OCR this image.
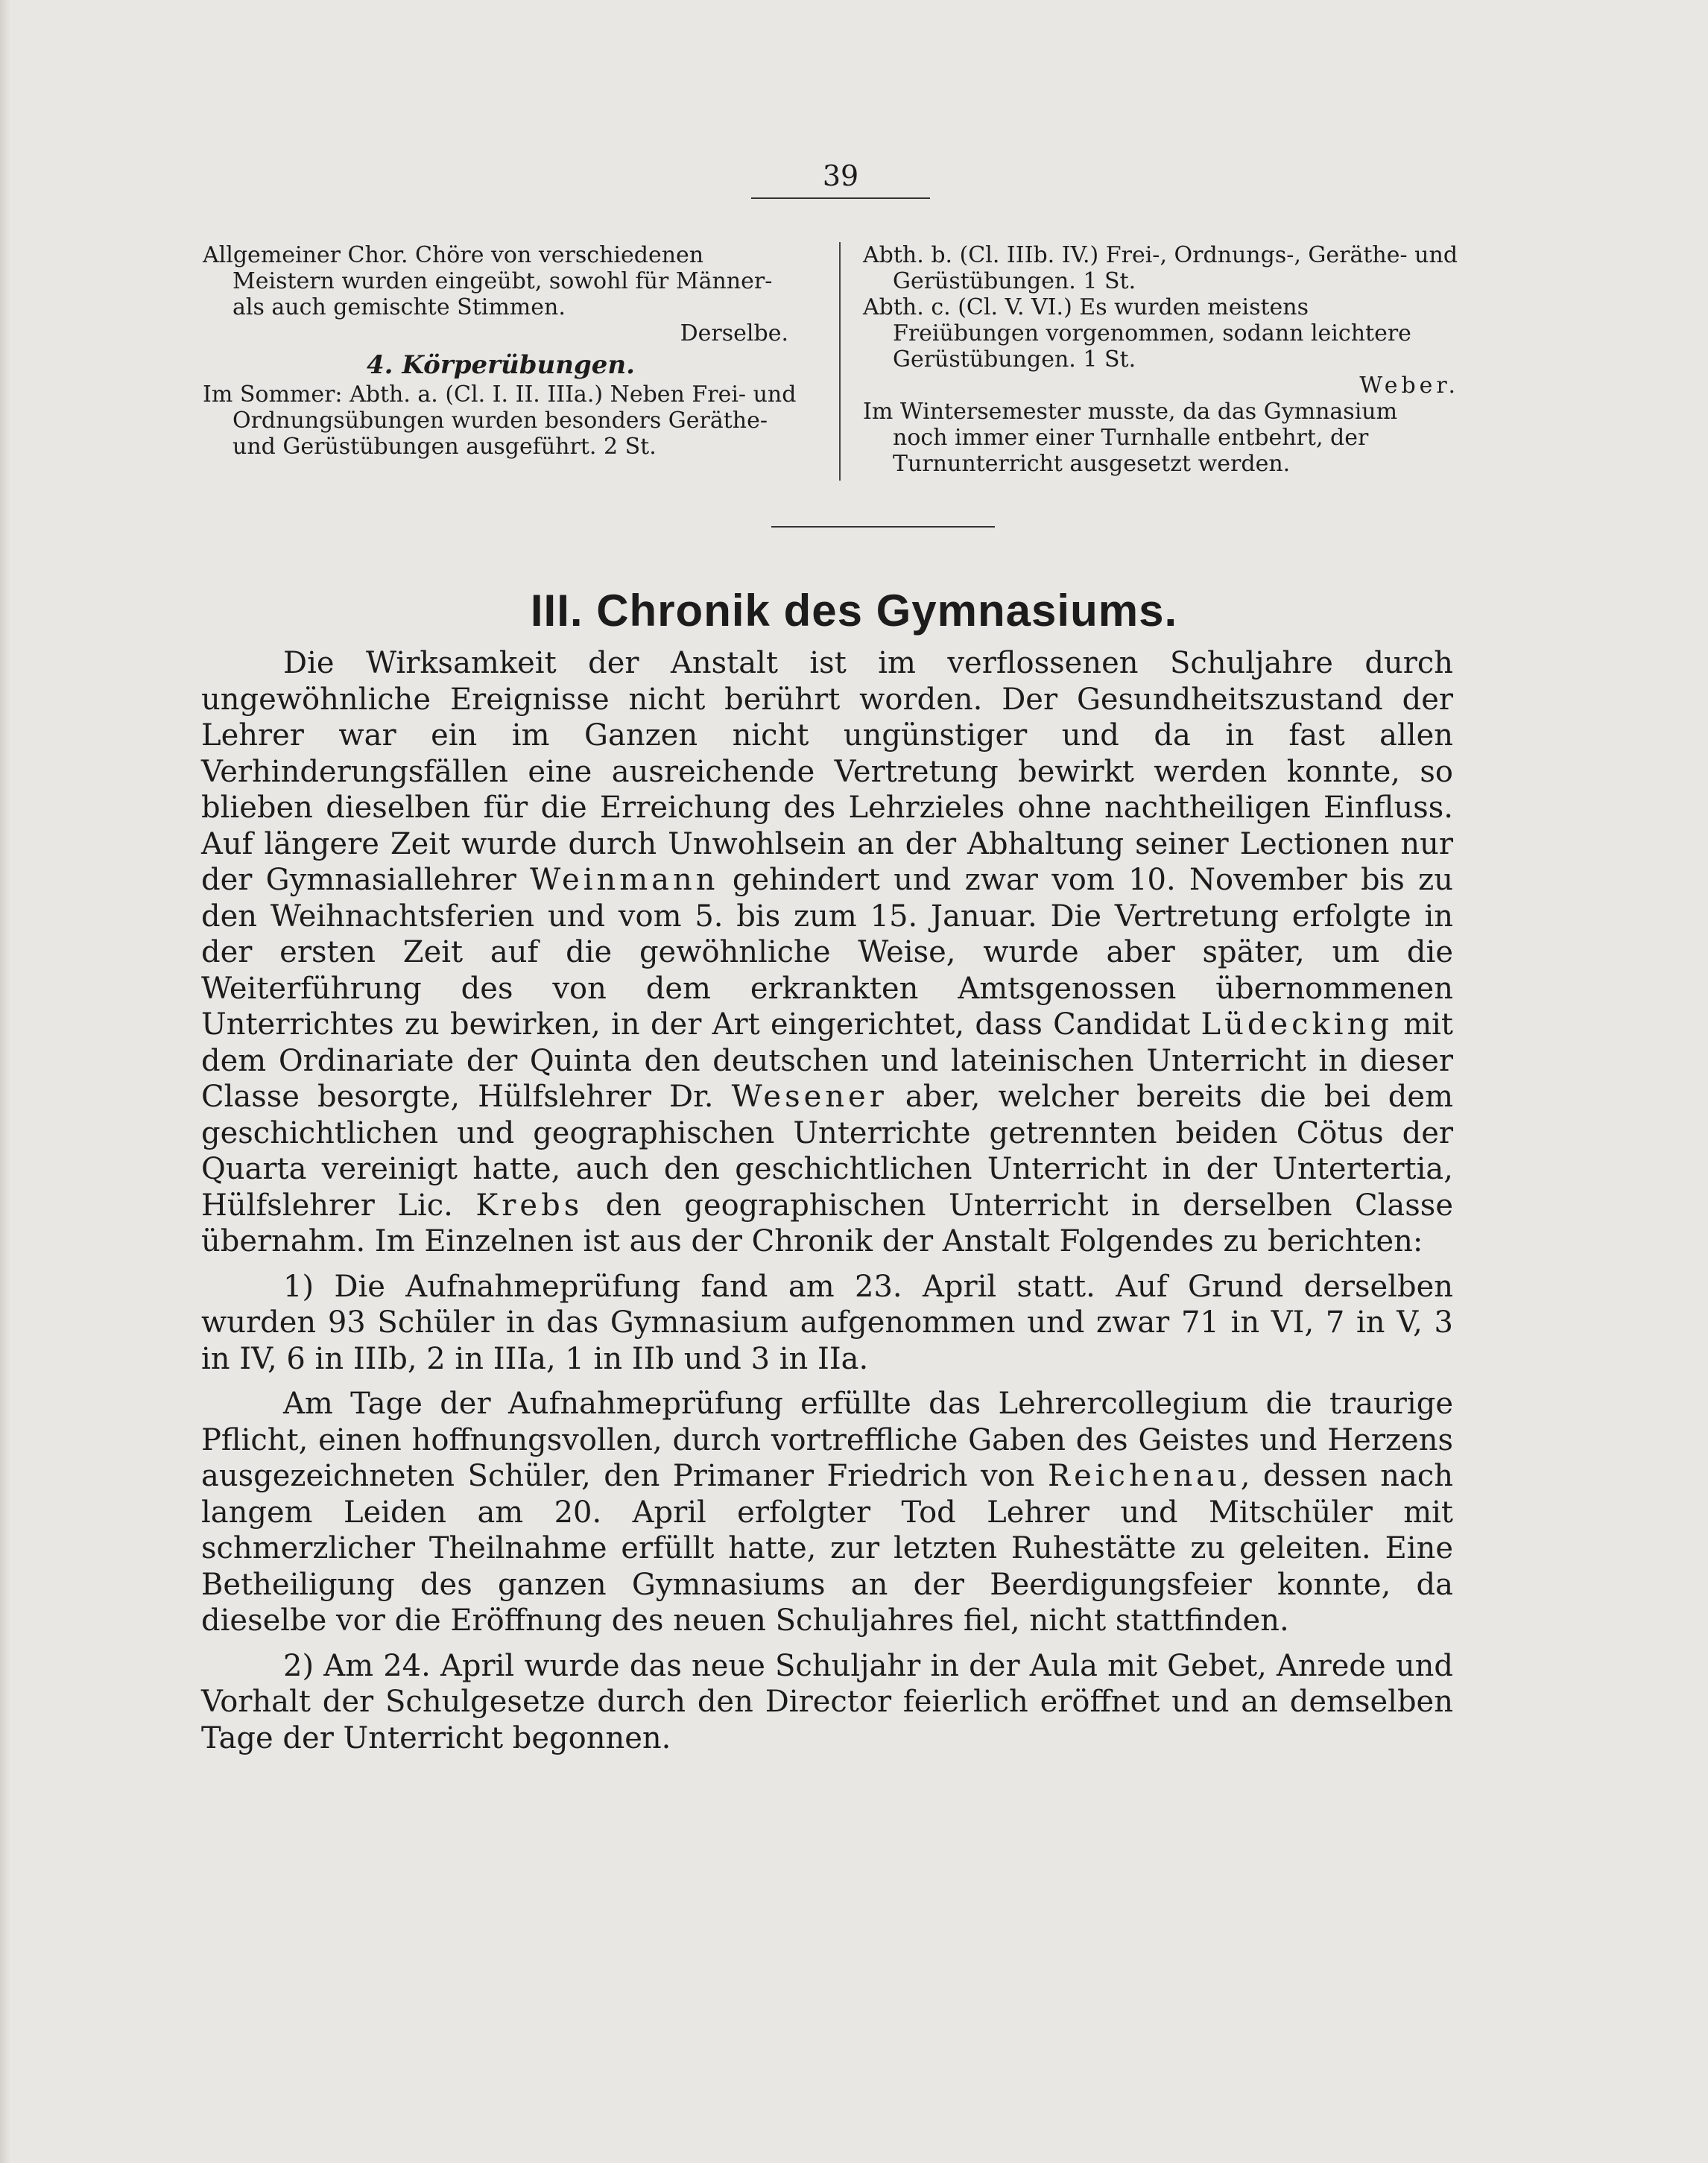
39

Allgemeiner Chor. Chöre von verschiedenen Meistern wurden eingeübt, sowohl für Männer- als auch gemischte Stimmen.

Derselbe.

4. Körperübungen.

Im Sommer: Abth. a. (Cl. I. II. IIIa.) Neben Frei- und Ordnungsübungen wurden besonders Geräthe- und Gerüstübungen ausgeführt. 2 St.

Abth. b. (Cl. IIIb. IV.) Frei-, Ordnungs-, Geräthe- und Gerüstübungen. 1 St.

Abth. c. (Cl. V. VI.) Es wurden meistens Freiübungen vorgenommen, sodann leichtere Gerüstübungen. 1 St.

Weber.

Im Wintersemester musste, da das Gymnasium noch immer einer Turnhalle entbehrt, der Turnunterricht ausgesetzt werden.

III. Chronik des Gymnasiums.

Die Wirksamkeit der Anstalt ist im verflossenen Schuljahre durch ungewöhnliche Ereignisse nicht berührt worden. Der Gesundheitszustand der Lehrer war ein im Ganzen nicht ungünstiger und da in fast allen Verhinderungsfällen eine ausreichende Vertretung bewirkt werden konnte, so blieben dieselben für die Erreichung des Lehrzieles ohne nachtheiligen Einfluss. Auf längere Zeit wurde durch Unwohlsein an der Abhaltung seiner Lectionen nur der Gymnasiallehrer Weinmann gehindert und zwar vom 10. November bis zu den Weihnachtsferien und vom 5. bis zum 15. Januar. Die Vertretung erfolgte in der ersten Zeit auf die gewöhnliche Weise, wurde aber später, um die Weiterführung des von dem erkrankten Amtsgenossen übernommenen Unterrichtes zu bewirken, in der Art eingerichtet, dass Candidat Lüdecking mit dem Ordinariate der Quinta den deutschen und lateinischen Unterricht in dieser Classe besorgte, Hülfslehrer Dr. Wesener aber, welcher bereits die bei dem geschichtlichen und geographischen Unterrichte getrennten beiden Cötus der Quarta vereinigt hatte, auch den geschichtlichen Unterricht in der Untertertia, Hülfslehrer Lic. Krebs den geographischen Unterricht in derselben Classe übernahm. Im Einzelnen ist aus der Chronik der Anstalt Folgendes zu berichten:

1) Die Aufnahmeprüfung fand am 23. April statt. Auf Grund derselben wurden 93 Schüler in das Gymnasium aufgenommen und zwar 71 in VI, 7 in V, 3 in IV, 6 in IIIb, 2 in IIIa, 1 in IIb und 3 in IIa.

Am Tage der Aufnahmeprüfung erfüllte das Lehrercollegium die traurige Pflicht, einen hoffnungsvollen, durch vortreffliche Gaben des Geistes und Herzens ausgezeichneten Schüler, den Primaner Friedrich von Reichenau, dessen nach langem Leiden am 20. April erfolgter Tod Lehrer und Mitschüler mit schmerzlicher Theilnahme erfüllt hatte, zur letzten Ruhestätte zu geleiten. Eine Betheiligung des ganzen Gymnasiums an der Beerdigungsfeier konnte, da dieselbe vor die Eröffnung des neuen Schuljahres fiel, nicht stattfinden.

2) Am 24. April wurde das neue Schuljahr in der Aula mit Gebet, Anrede und Vorhalt der Schulgesetze durch den Director feierlich eröffnet und an demselben Tage der Unterricht begonnen.
